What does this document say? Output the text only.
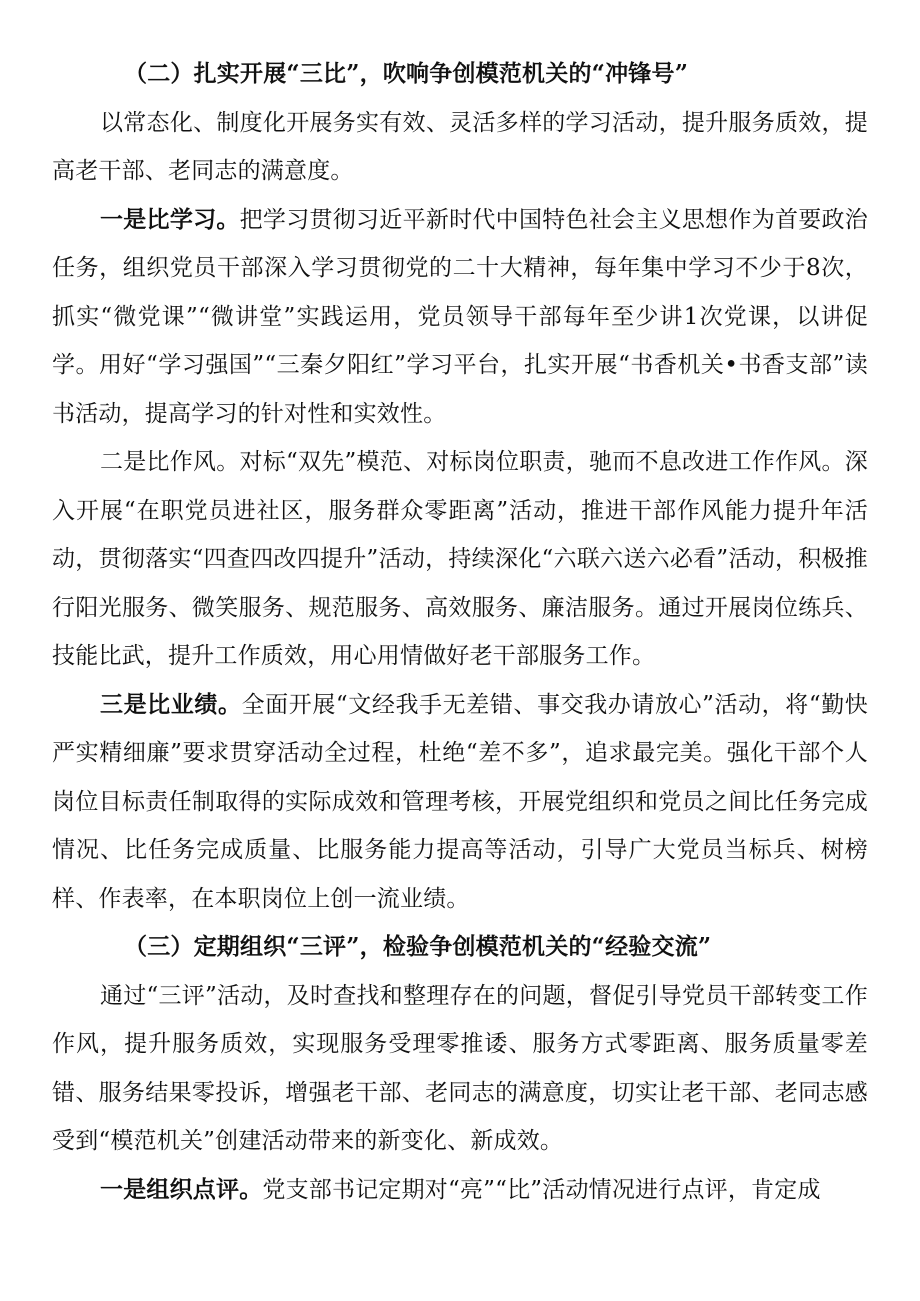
（二）扎实开展“三比”，吹响争创模范机关的“冲锋号”

以常态化、制度化开展务实有效、灵活多样的学习活动，提升服务质效，提高老干部、老同志的满意度。

一是比学习。把学习贯彻习近平新时代中国特色社会主义思想作为首要政治任务，组织党员干部深入学习贯彻党的二十大精神，每年集中学习不少于8次，抓实“微党课”“微讲堂”实践运用，党员领导干部每年至少讲1次党课，以讲促学。用好“学习强国”“三秦夕阳红”学习平台，扎实开展“书香机关•书香支部”读书活动，提高学习的针对性和实效性。

二是比作风。对标“双先”模范、对标岗位职责，驰而不息改进工作作风。深入开展“在职党员进社区，服务群众零距离”活动，推进干部作风能力提升年活动，贯彻落实“四查四改四提升”活动，持续深化“六联六送六必看”活动，积极推行阳光服务、微笑服务、规范服务、高效服务、廉洁服务。通过开展岗位练兵、技能比武，提升工作质效，用心用情做好老干部服务工作。

三是比业绩。全面开展“文经我手无差错、事交我办请放心”活动，将“勤快严实精细廉”要求贯穿活动全过程，杜绝“差不多”，追求最完美。强化干部个人岗位目标责任制取得的实际成效和管理考核，开展党组织和党员之间比任务完成情况、比任务完成质量、比服务能力提高等活动，引导广大党员当标兵、树榜样、作表率，在本职岗位上创一流业绩。

（三）定期组织“三评”，检验争创模范机关的“经验交流”

通过“三评”活动，及时查找和整理存在的问题，督促引导党员干部转变工作作风，提升服务质效，实现服务受理零推诿、服务方式零距离、服务质量零差错、服务结果零投诉，增强老干部、老同志的满意度，切实让老干部、老同志感受到“模范机关”创建活动带来的新变化、新成效。

一是组织点评。党支部书记定期对“亮”“比”活动情况进行点评，肯定成
